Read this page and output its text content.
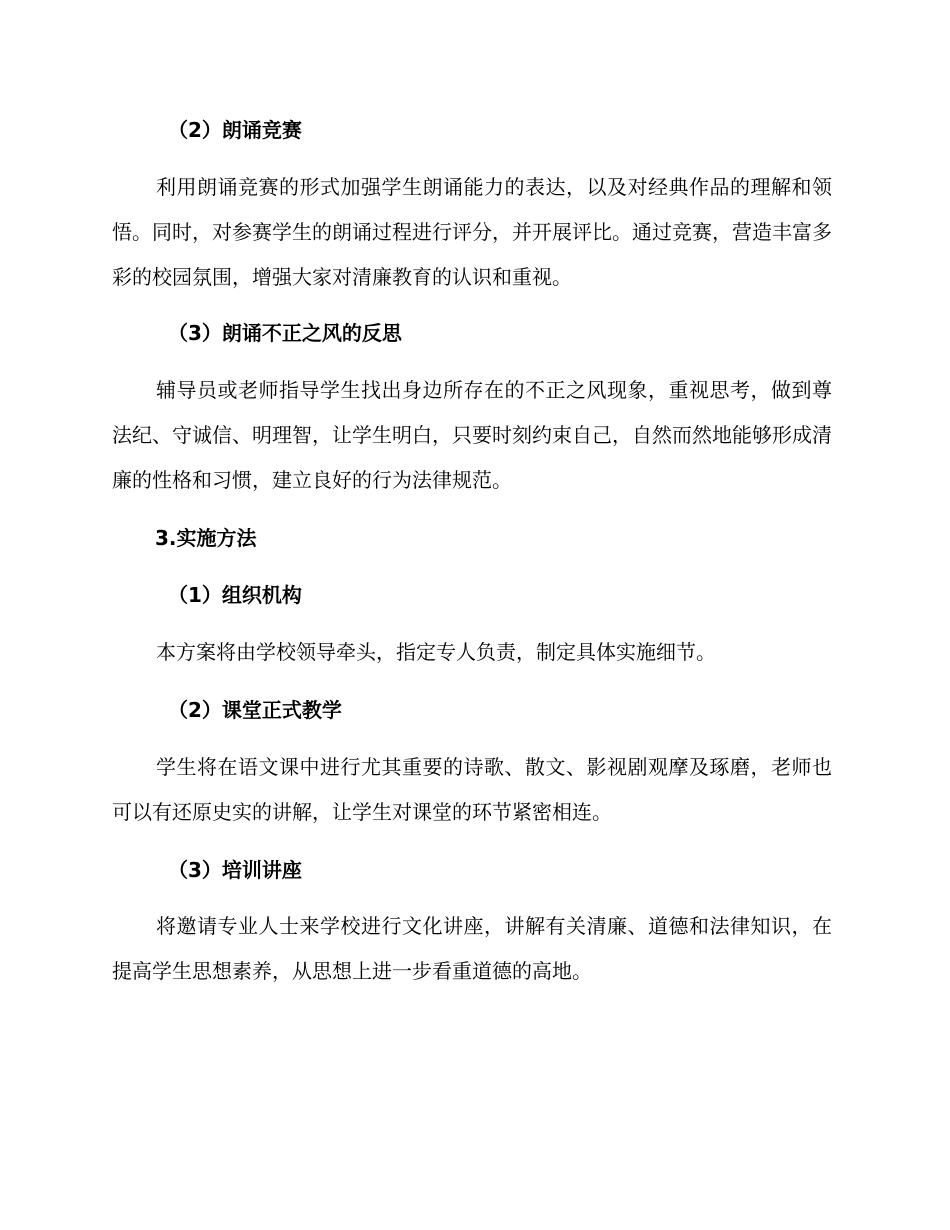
（2）朗诵竞赛
利用朗诵竞赛的形式加强学生朗诵能力的表达，以及对经典作品的理解和领悟。同时，对参赛学生的朗诵过程进行评分，并开展评比。通过竞赛，营造丰富多彩的校园氛围，增强大家对清廉教育的认识和重视。
（3）朗诵不正之风的反思
辅导员或老师指导学生找出身边所存在的不正之风现象，重视思考，做到尊法纪、守诚信、明理智，让学生明白，只要时刻约束自己，自然而然地能够形成清廉的性格和习惯，建立良好的行为法律规范。
3.实施方法
（1）组织机构
本方案将由学校领导牵头，指定专人负责，制定具体实施细节。
（2）课堂正式教学
学生将在语文课中进行尤其重要的诗歌、散文、影视剧观摩及琢磨，老师也可以有还原史实的讲解，让学生对课堂的环节紧密相连。
（3）培训讲座
将邀请专业人士来学校进行文化讲座，讲解有关清廉、道德和法律知识，在提高学生思想素养，从思想上进一步看重道德的高地。
